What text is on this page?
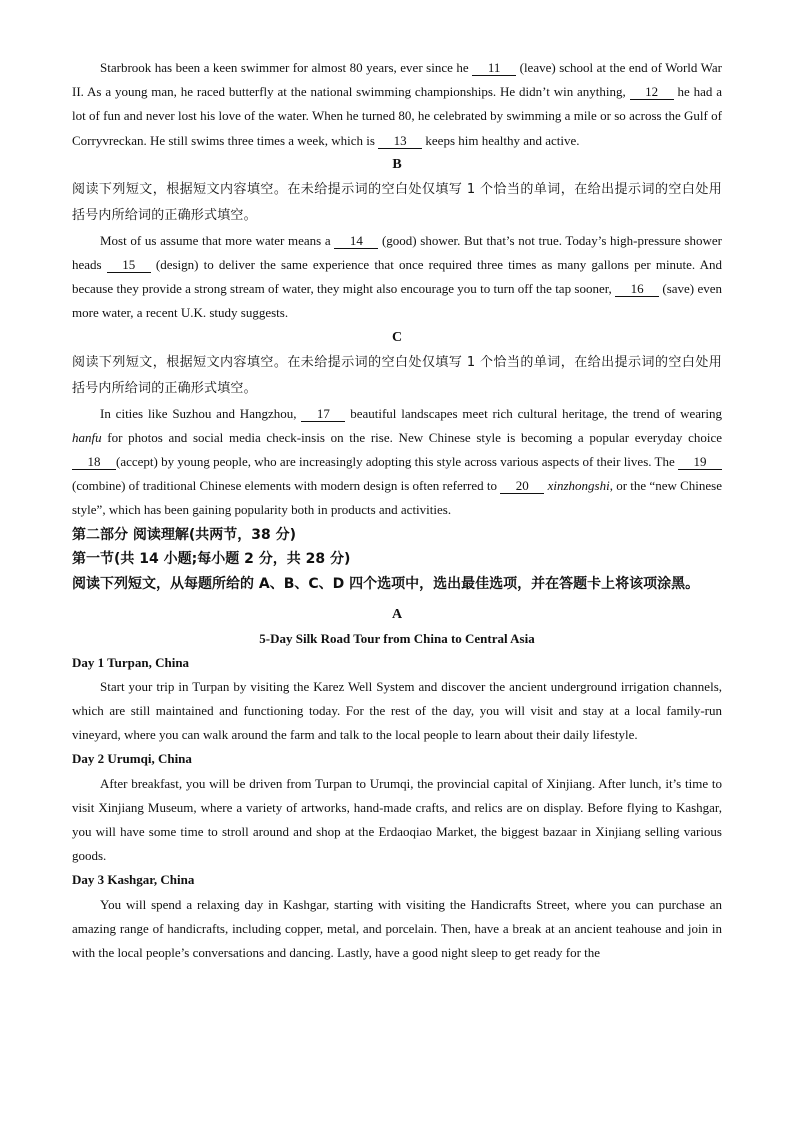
Starbrook has been a keen swimmer for almost 80 years, ever since he 11 (leave) school at the end of World War II. As a young man, he raced butterfly at the national swimming championships. He didn’t win anything, 12 he had a lot of fun and never lost his love of the water. When he turned 80, he celebrated by swimming a mile or so across the Gulf of Corryvreckan. He still swims three times a week, which is 13 keeps him healthy and active.

B

阅读下列短文，根据短文内容填空。在未给提示词的空白处仅填写 1 个恰当的单词，在给出提示词的空白处用括号内所给词的正确形式填空。

Most of us assume that more water means a 14 (good) shower. But that’s not true. Today’s high-pressure shower heads 15 (design) to deliver the same experience that once required three times as many gallons per minute. And because they provide a strong stream of water, they might also encourage you to turn off the tap sooner, 16 (save) even more water, a recent U.K. study suggests.

C

阅读下列短文，根据短文内容填空。在未给提示词的空白处仅填写 1 个恰当的单词，在给出提示词的空白处用括号内所给词的正确形式填空。

In cities like Suzhou and Hangzhou, 17 beautiful landscapes meet rich cultural heritage, the trend of wearing hanfu for photos and social media check-insis on the rise. New Chinese style is becoming a popular everyday choice 18 (accept) by young people, who are increasingly adopting this style across various aspects of their lives. The 19(combine) of traditional Chinese elements with modern design is often referred to 20 xinzhongshi, or the “new Chinese style”, which has been gaining popularity both in products and activities.

第二部分 阅读理解(共两节，38 分)

第一节(共 14 小题;每小题 2 分，共 28 分)

阅读下列短文，从每题所给的 A、B、C、D 四个选项中，选出最佳选项，并在答题卡上将该项涂黑。

A

5-Day Silk Road Tour from China to Central Asia

Day 1 Turpan, China

Start your trip in Turpan by visiting the Karez Well System and discover the ancient underground irrigation channels, which are still maintained and functioning today. For the rest of the day, you will visit and stay at a local family-run vineyard, where you can walk around the farm and talk to the local people to learn about their daily lifestyle.

Day 2 Urumqi, China

After breakfast, you will be driven from Turpan to Urumqi, the provincial capital of Xinjiang. After lunch, it’s time to visit Xinjiang Museum, where a variety of artworks, hand-made crafts, and relics are on display. Before flying to Kashgar, you will have some time to stroll around and shop at the Erdaoqiao Market, the biggest bazaar in Xinjiang selling various goods.

Day 3 Kashgar, China

You will spend a relaxing day in Kashgar, starting with visiting the Handicrafts Street, where you can purchase an amazing range of handicrafts, including copper, metal, and porcelain. Then, have a break at an ancient teahouse and join in with the local people’s conversations and dancing. Lastly, have a good night sleep to get ready for the
